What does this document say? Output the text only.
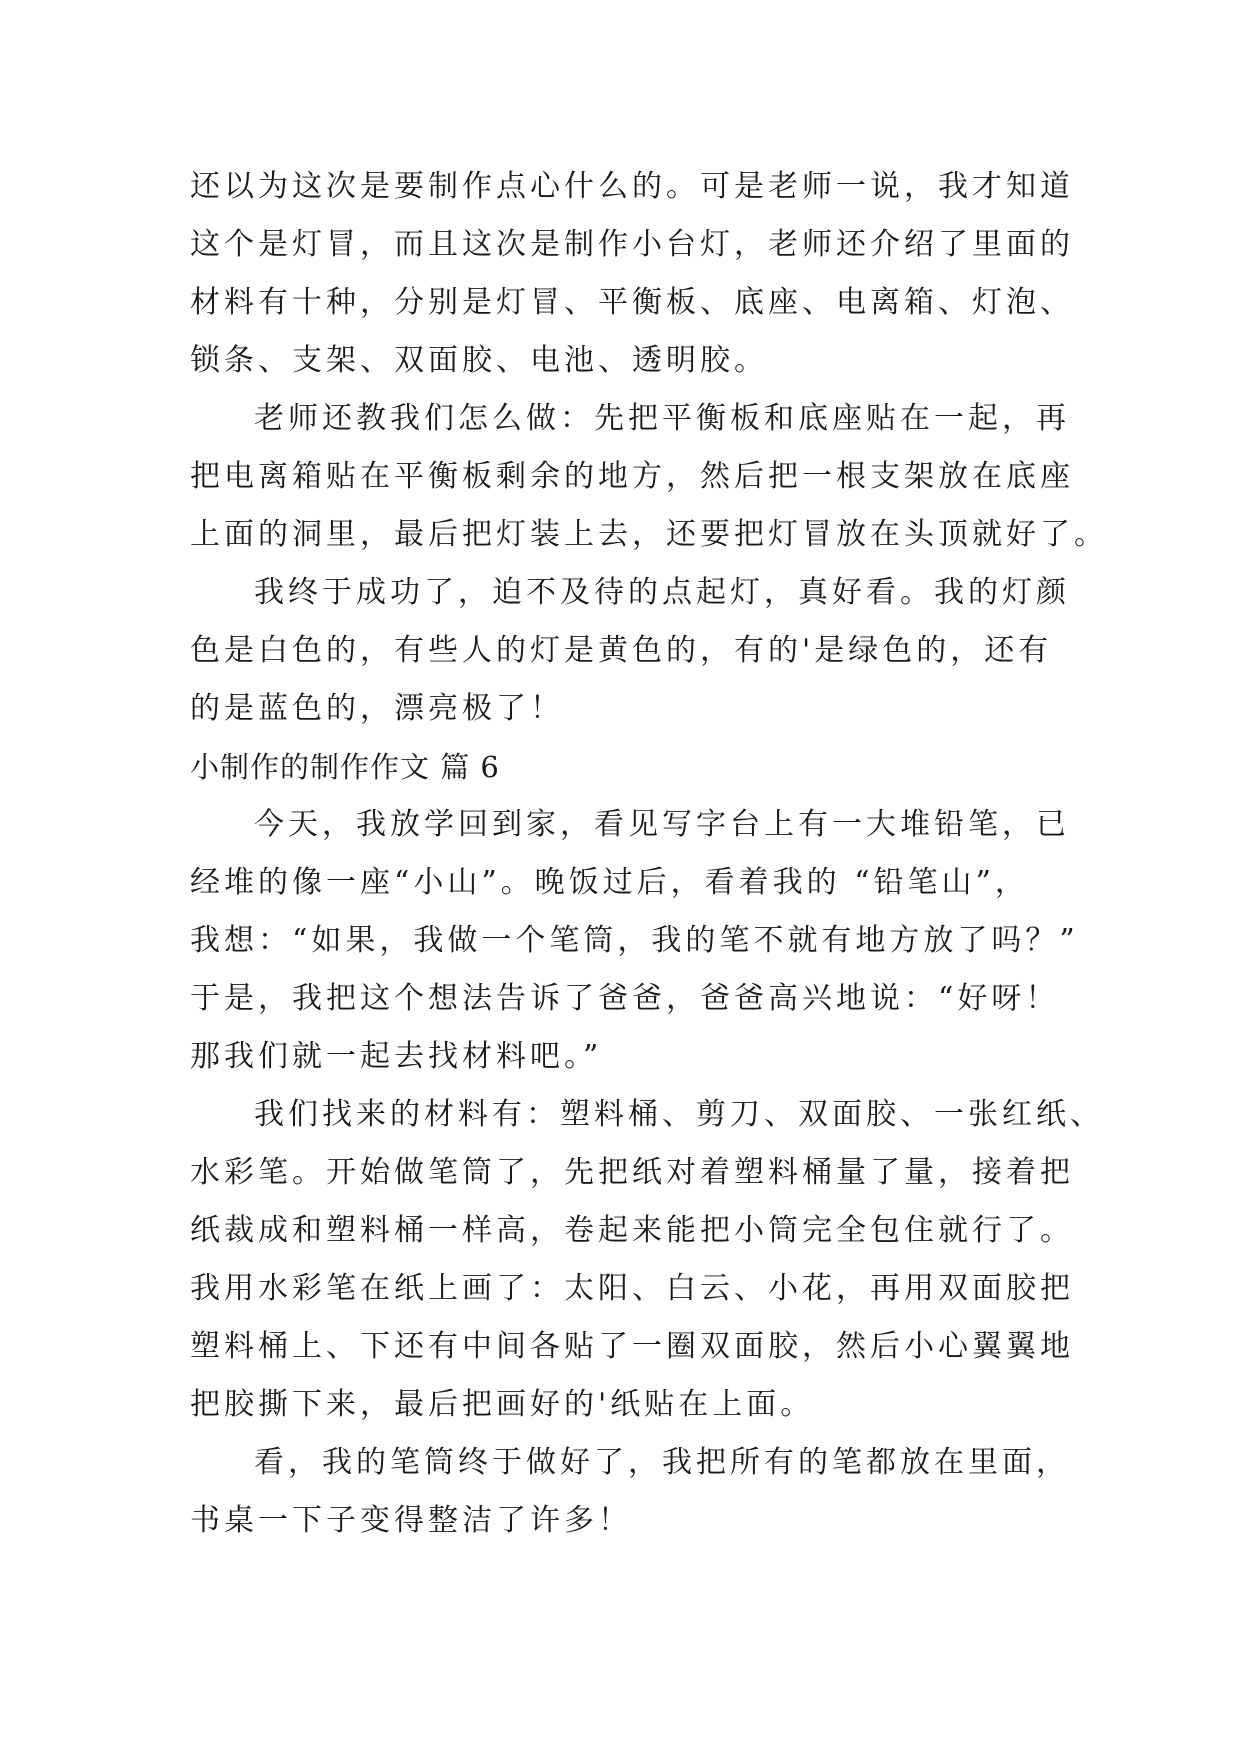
还以为这次是要制作点心什么的。可是老师一说，我才知道
这个是灯冒，而且这次是制作小台灯，老师还介绍了里面的
材料有十种，分别是灯冒、平衡板、底座、电离箱、灯泡、
锁条、支架、双面胶、电池、透明胶。
老师还教我们怎么做：先把平衡板和底座贴在一起，再
把电离箱贴在平衡板剩余的地方，然后把一根支架放在底座
上面的洞里，最后把灯装上去，还要把灯冒放在头顶就好了。
我终于成功了，迫不及待的点起灯，真好看。我的灯颜
色是白色的，有些人的灯是黄色的，有的'是绿色的，还有
的是蓝色的，漂亮极了！
小制作的制作作文 篇 6
今天，我放学回到家，看见写字台上有一大堆铅笔，已
经堆的像一座“小山”。晚饭过后，看着我的 “铅笔山”，
我想：“如果，我做一个笔筒，我的笔不就有地方放了吗？”
于是，我把这个想法告诉了爸爸，爸爸高兴地说：“好呀！
那我们就一起去找材料吧。”
我们找来的材料有：塑料桶、剪刀、双面胶、一张红纸、
水彩笔。开始做笔筒了，先把纸对着塑料桶量了量，接着把
纸裁成和塑料桶一样高，卷起来能把小筒完全包住就行了。
我用水彩笔在纸上画了：太阳、白云、小花，再用双面胶把
塑料桶上、下还有中间各贴了一圈双面胶，然后小心翼翼地
把胶撕下来，最后把画好的'纸贴在上面。
看，我的笔筒终于做好了，我把所有的笔都放在里面，
书桌一下子变得整洁了许多！
